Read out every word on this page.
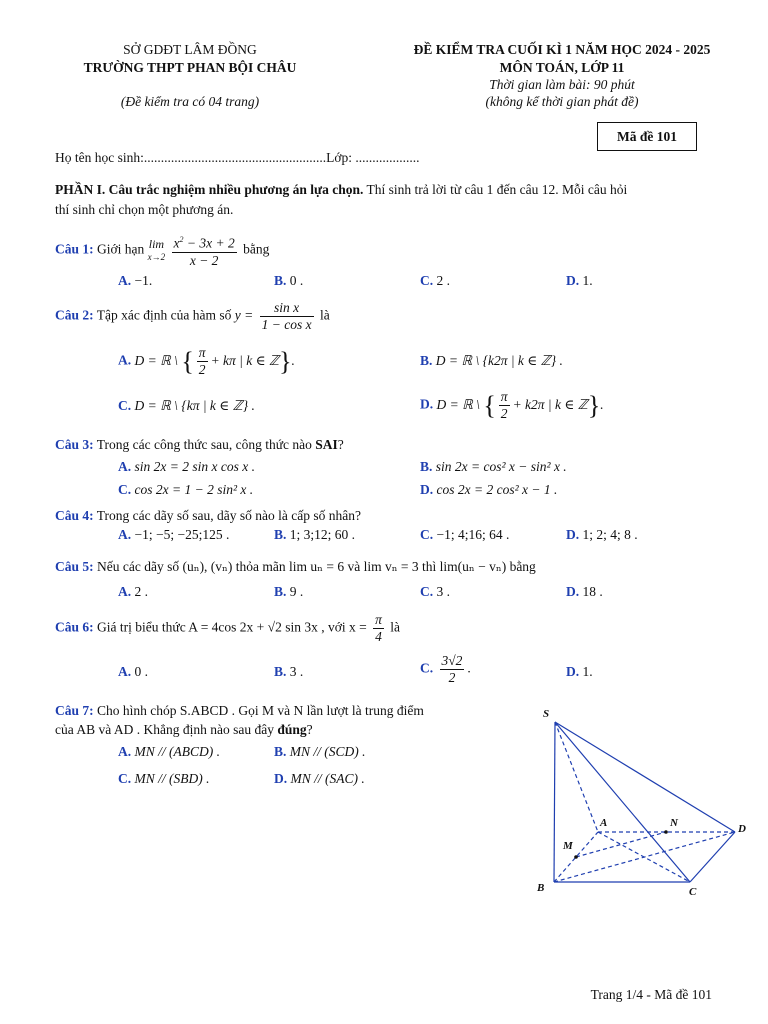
SỞ GDĐT LÂM ĐỒNG
TRƯỜNG THPT PHAN BỘI CHÂU
(Đề kiểm tra có 04 trang)
ĐỀ KIỂM TRA CUỐI KÌ 1 NĂM HỌC 2024 - 2025
MÔN TOÁN, LỚP 11
Thời gian làm bài: 90 phút
(không kể thời gian phát đề)
Mã đề 101
Họ tên học sinh:......................................................Lớp: ...................
PHẦN I. Câu trắc nghiệm nhiều phương án lựa chọn. Thí sinh trả lời từ câu 1 đến câu 12. Mỗi câu hỏi
thí sinh chỉ chọn một phương án.
Câu 1: Giới hạn lim
$x\to 2 \frac{x^2 - 3x + 2}{x - 2}$ bằng
A. −1.	B. 0 .	C. 2 .	D. 1.
Câu 2: Tập xác định của hàm số $y = \frac{\text{sin x}}{\text{1 − cos x}}$ là
A. D = ℝ \ { $\frac{\pi}{2} + k\pi$ | k ∈ ℤ}.	B. D = ℝ \ {k2π | k ∈ ℤ} .
C. D = ℝ \ {kπ | k ∈ ℤ} .	D. D = ℝ \ { $\frac{\pi}{2} + k2\pi$ | k ∈ ℤ}.
Câu 3: Trong các công thức sau, công thức nào SAI?
A. sin 2x = 2 sin x cos x .	B. sin 2x = cos² x − sin² x .
C. cos 2x = 1 − 2 sin² x .	D. cos 2x = 2 cos² x − 1 .
Câu 4: Trong các dãy số sau, dãy số nào là cấp số nhân?
A. −1; −5; −25;125 .	B. 1; 3;12; 60 .	C. −1; 4;16; 64 .	D. 1; 2; 4; 8 .
Câu 5: Nếu các dãy số (uₙ), (vₙ) thỏa mãn lim uₙ = 6 và lim vₙ = 3 thì lim(uₙ − vₙ) bằng
A. 2 .	B. 9 .	C. 3 .	D. 18 .
Câu 6: Giá trị biểu thức A = 4cos 2x + √2 sin 3x , với $x = \frac{\pi}{4}$ là
A. 0 .	B. 3 .	C. $\frac{3√2}{2}$ .	D. 1.
Câu 7: Cho hình chóp S.ABCD . Gọi M và N lần lượt là trung điểm
của AB và AD . Khẳng định nào sau đây đúng?
A. MN // (ABCD) .	B. MN // (SCD) .
C. MN // (SBD) .	D. MN // (SAC) .
S
A	N	D
M
B	C
Trang 1/4 - Mã đề 101
